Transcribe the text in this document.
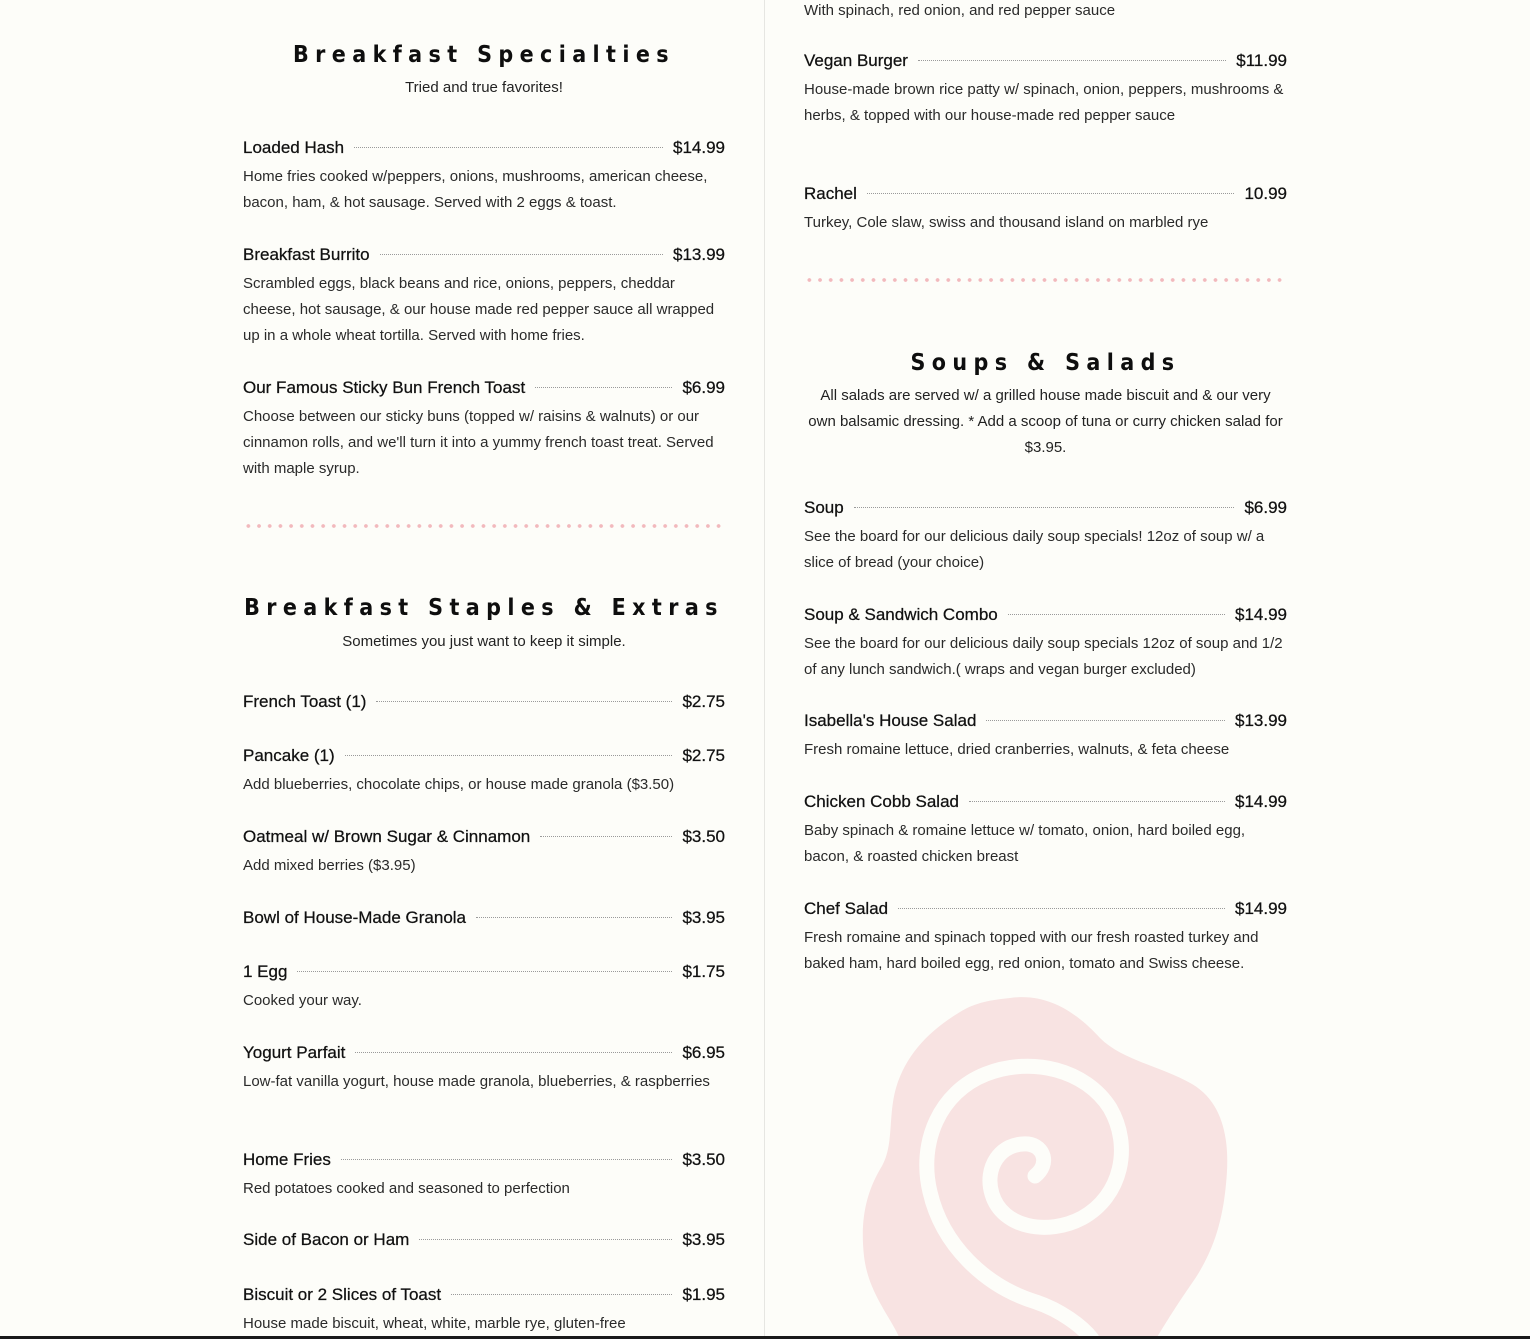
Breakfast Specialties

Tried and true favorites!

Loaded Hash	$14.99
Home fries cooked w/peppers, onions, mushrooms, american cheese, bacon, ham, & hot sausage. Served with 2 eggs & toast.
Breakfast Burrito	$13.99
Scrambled eggs, black beans and rice, onions, peppers, cheddar cheese, hot sausage, & our house made red pepper sauce all wrapped up in a whole wheat tortilla. Served with home fries.
Our Famous Sticky Bun French Toast	$6.99
Choose between our sticky buns (topped w/ raisins & walnuts) or our cinnamon rolls, and we'll turn it into a yummy french toast treat. Served with maple syrup.
Breakfast Staples & Extras

Sometimes you just want to keep it simple.

French Toast (1)	$2.75
Pancake (1)	$2.75
Add blueberries, chocolate chips, or house made granola ($3.50)
Oatmeal w/ Brown Sugar & Cinnamon	$3.50
Add mixed berries ($3.95)
Bowl of House-Made Granola	$3.95
1 Egg	$1.75
Cooked your way.
Yogurt Parfait	$6.95
Low-fat vanilla yogurt, house made granola, blueberries, & raspberries
Home Fries	$3.50
Red potatoes cooked and seasoned to perfection
Side of Bacon or Ham	$3.95
Biscuit or 2 Slices of Toast	$1.95
House made biscuit, wheat, white, marble rye, gluten-free
With spinach, red onion, and red pepper sauce
Vegan Burger	$11.99
House-made brown rice patty w/ spinach, onion, peppers, mushrooms & herbs, & topped with our house-made red pepper sauce
Rachel	10.99
Turkey, Cole slaw, swiss and thousand island on marbled rye
Soups & Salads

All salads are served w/ a grilled house made biscuit and & our very own balsamic dressing. * Add a scoop of tuna or curry chicken salad for $3.95.

Soup	$6.99
See the board for our delicious daily soup specials! 12oz of soup w/ a slice of bread (your choice)
Soup & Sandwich Combo	$14.99
See the board for our delicious daily soup specials 12oz of soup and 1/2 of any lunch sandwich.( wraps and vegan burger excluded)
Isabella's House Salad	$13.99
Fresh romaine lettuce, dried cranberries, walnuts, & feta cheese
Chicken Cobb Salad	$14.99
Baby spinach & romaine lettuce w/ tomato, onion, hard boiled egg, bacon, & roasted chicken breast
Chef Salad	$14.99
Fresh romaine and spinach topped with our fresh roasted turkey and baked ham, hard boiled egg, red onion, tomato and Swiss cheese.
